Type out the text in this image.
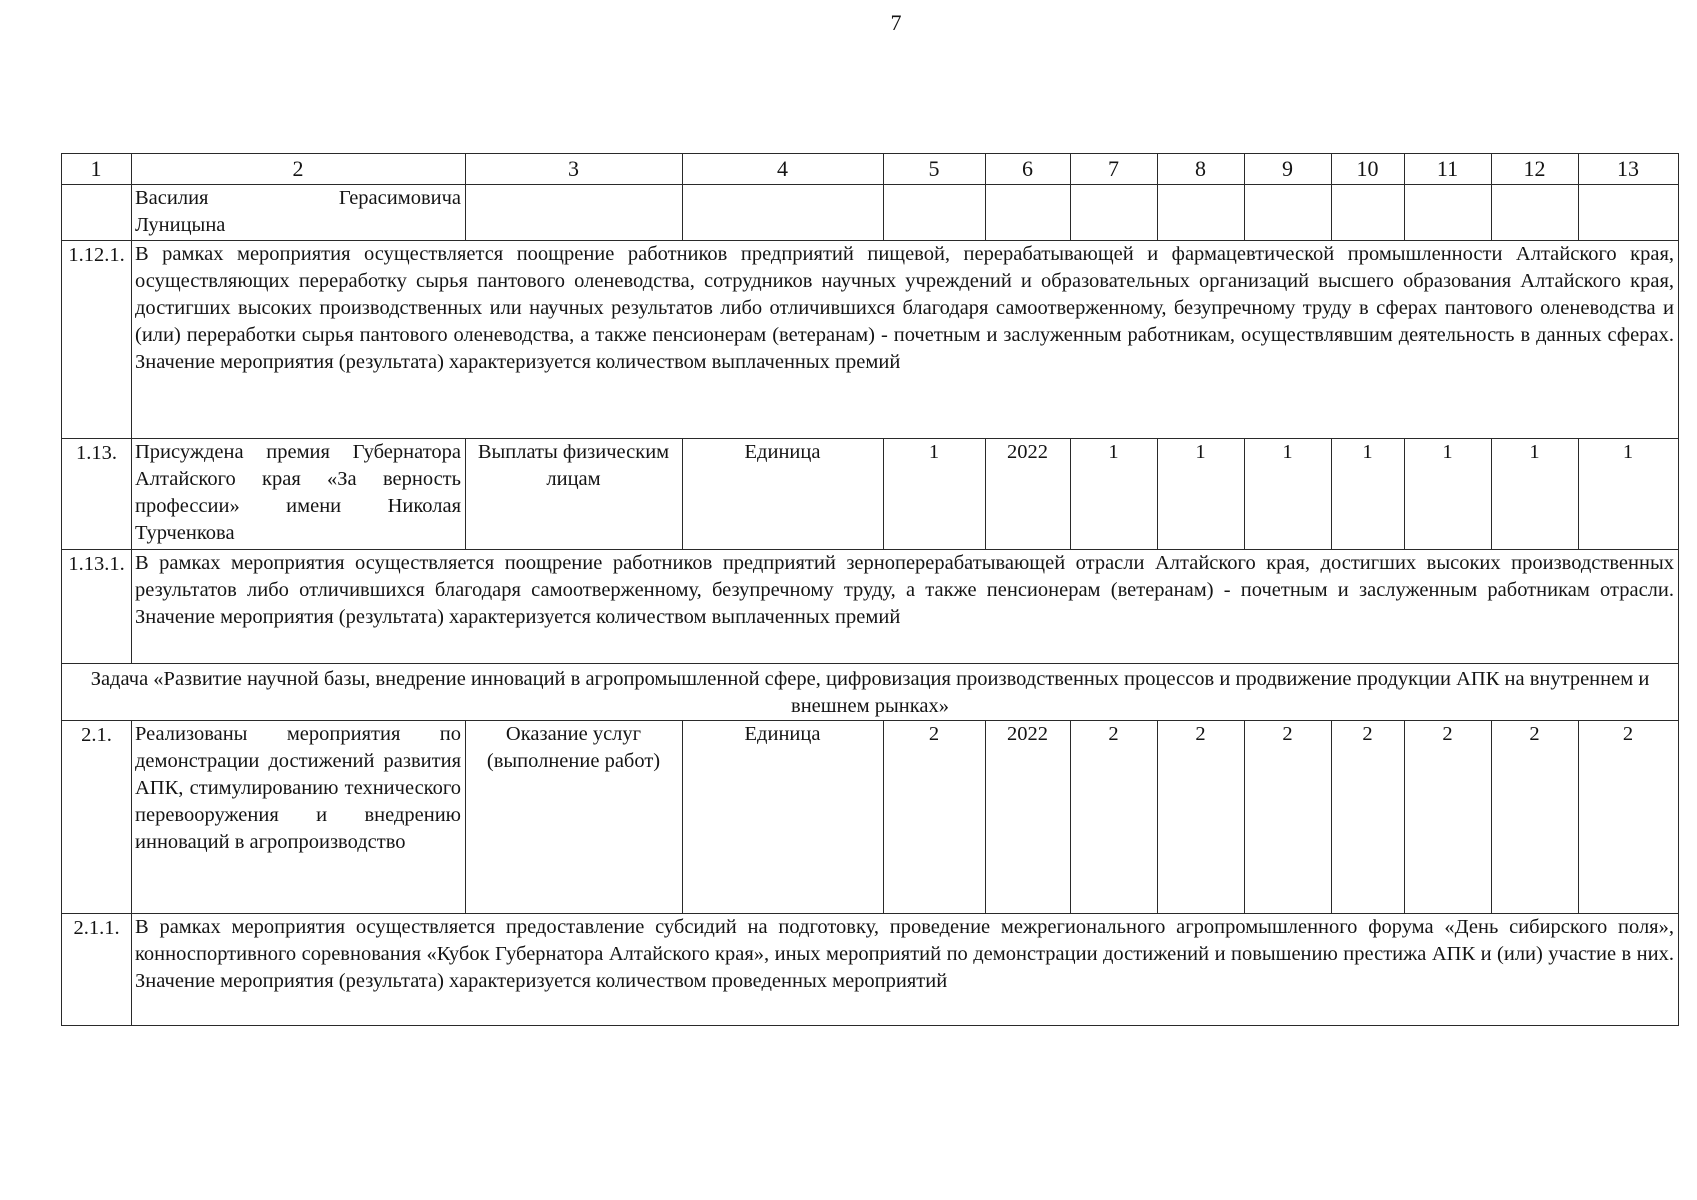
7
1	2	3	4	5	6	7	8	9	10	11	12	13

	Василия Герасимовича
Луницына											

1.12.1.	В рамках мероприятия осуществляется поощрение работников предприятий пищевой, перерабатывающей и фармацевтической промышленности Алтайского края, осуществляющих переработку сырья пантового оленеводства, сотрудников научных учреждений и образовательных организаций высшего образования Алтайского края, достигших высоких производственных или научных результатов либо отличившихся благодаря самоотверженному, безупречному труду в сферах пантового оленеводства и (или) переработки сырья пантового оленеводства, а также пенсионерам (ветеранам) - почетным и заслуженным работникам, осуществлявшим деятельность в данных сферах. Значение мероприятия (результата) характеризуется количеством выплаченных премий											
1.13.	Присуждена премия Губернатора Алтайского края «За верность профессии» имени Николая Турченкова	Выплаты физическим лицам	Единица	1	2022	1	1	1	1	1	1	1
1.13.1.	В рамках мероприятия осуществляется поощрение работников предприятий зерноперерабатывающей отрасли Алтайского края, достигших высоких производственных результатов либо отличившихся благодаря самоотверженному, безупречному труду, а также пенсионерам (ветеранам) - почетным и заслуженным работникам отрасли. Значение мероприятия (результата) характеризуется количеством выплаченных премий											
Задача «Развитие научной базы, внедрение инноваций в агропромышленной сфере, цифровизация производственных процессов и продвижение продукции АПК на внутреннем и внешнем рынках»												
2.1.	Реализованы мероприятия по демонстрации достижений развития АПК, стимулированию технического перевооружения и внедрению инноваций в агропроизводство	Оказание услуг (выполнение работ)	Единица	2	2022	2	2	2	2	2	2	2
2.1.1.	В рамках мероприятия осуществляется предоставление субсидий на подготовку, проведение межрегионального агропромышленного форума «День сибирского поля», конноспортивного соревнования «Кубок Губернатора Алтайского края», иных мероприятий по демонстрации достижений и повышению престижа АПК и (или) участие в них. Значение мероприятия (результата) характеризуется количеством проведенных мероприятий											
